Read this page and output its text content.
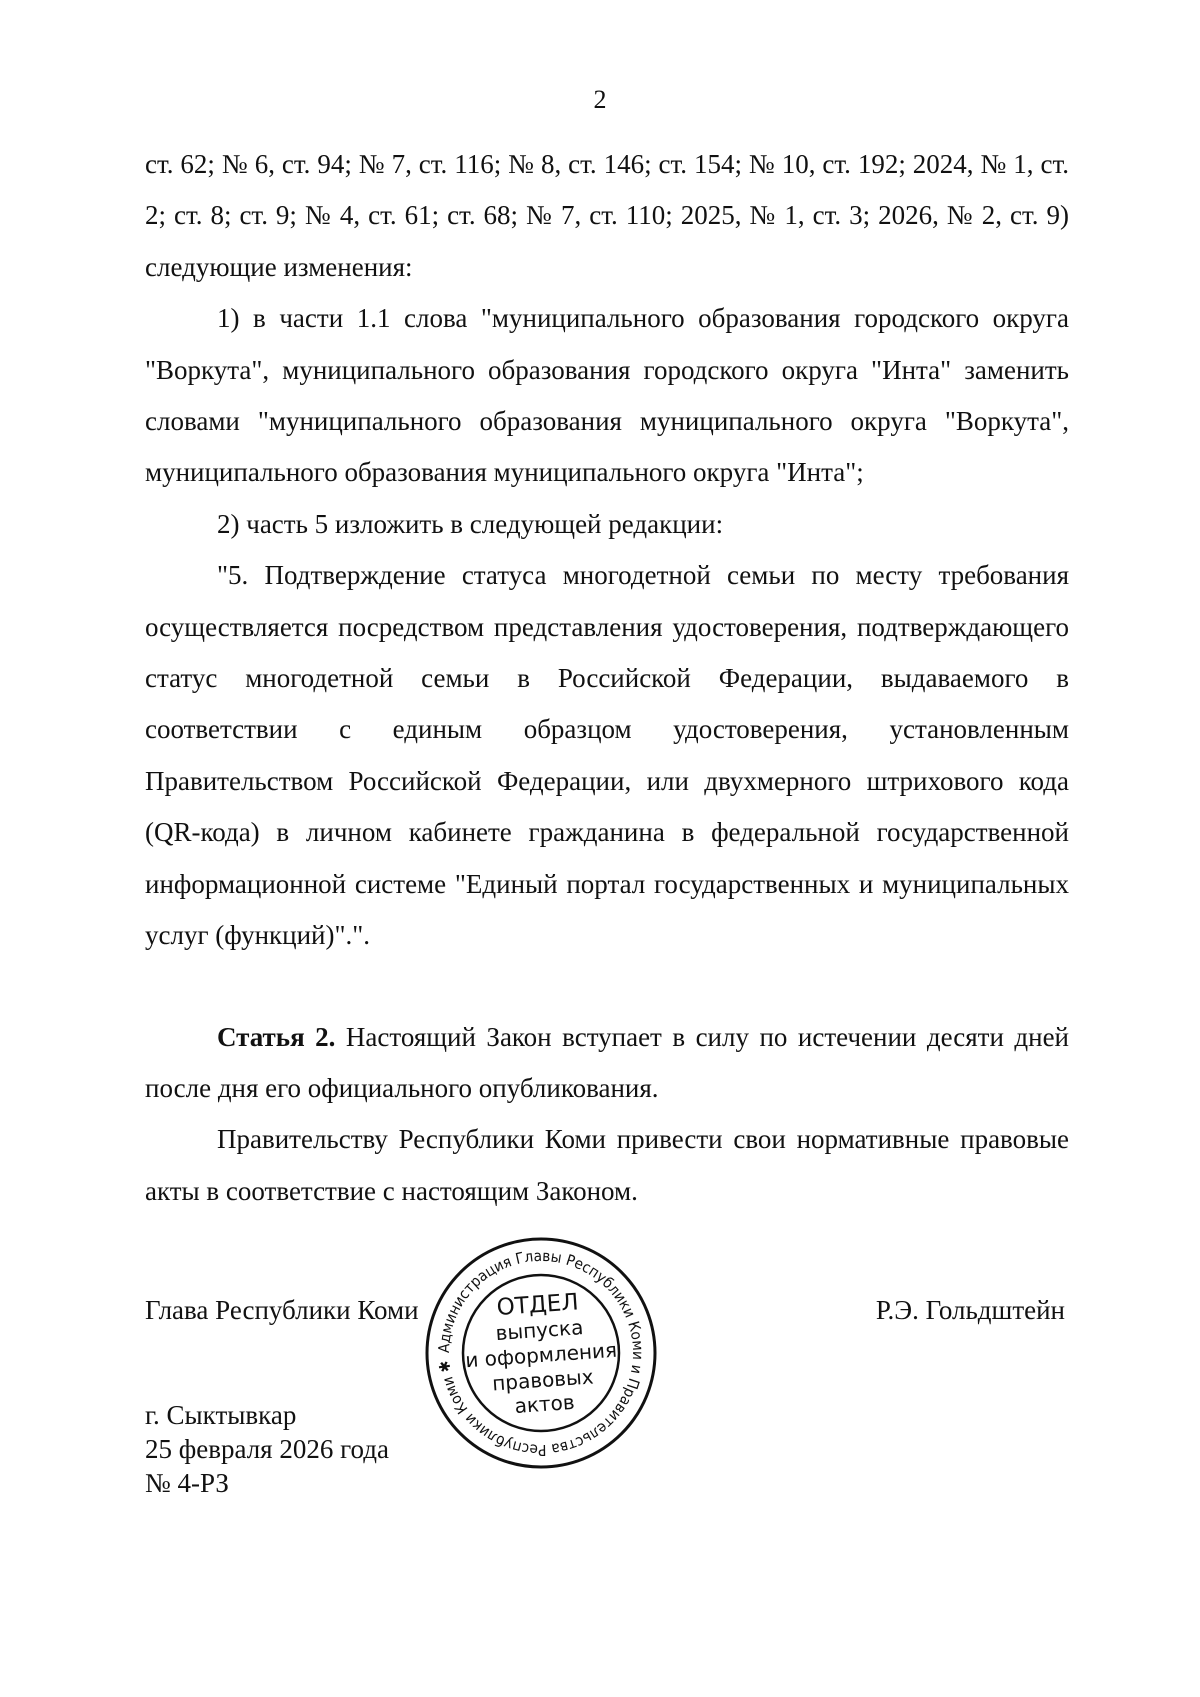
2

ст. 62; № 6, ст. 94; № 7, ст. 116; № 8, ст. 146; ст. 154; № 10, ст. 192; 2024, № 1, ст. 2; ст. 8; ст. 9; № 4, ст. 61; ст. 68; № 7, ст. 110; 2025, № 1, ст. 3; 2026, № 2, ст. 9) следующие изменения:

1) в части 1.1 слова "муниципального образования городского округа "Воркута", муниципального образования городского округа "Инта" заменить словами "муниципального образования муниципального округа "Воркута", муниципального образования муниципального округа "Инта";

2) часть 5 изложить в следующей редакции:

"5. Подтверждение статуса многодетной семьи по месту требования осуществляется посредством представления удостоверения, подтверждающего статус многодетной семьи в Российской Федерации, выдаваемого в соответствии с единым образцом удостоверения, установленным Правительством Российской Федерации, или двухмерного штрихового кода (QR-кода) в личном кабинете гражданина в федеральной государственной информационной системе "Единый портал государственных и муниципальных услуг (функций)".".

Статья 2. Настоящий Закон вступает в силу по истечении десяти дней после дня его официального опубликования.

Правительству Республики Коми привести свои нормативные правовые акты в соответствие с настоящим Законом.

Глава Республики Коми	Р.Э. Гольдштейн
г. Сыктывкар
25 февраля 2026 года
№ 4-РЗ
Администрация Главы Республики Коми и Правительства Республики Коми ✱
ОТДЕЛ
выпуска
и оформления
правовых
актов
